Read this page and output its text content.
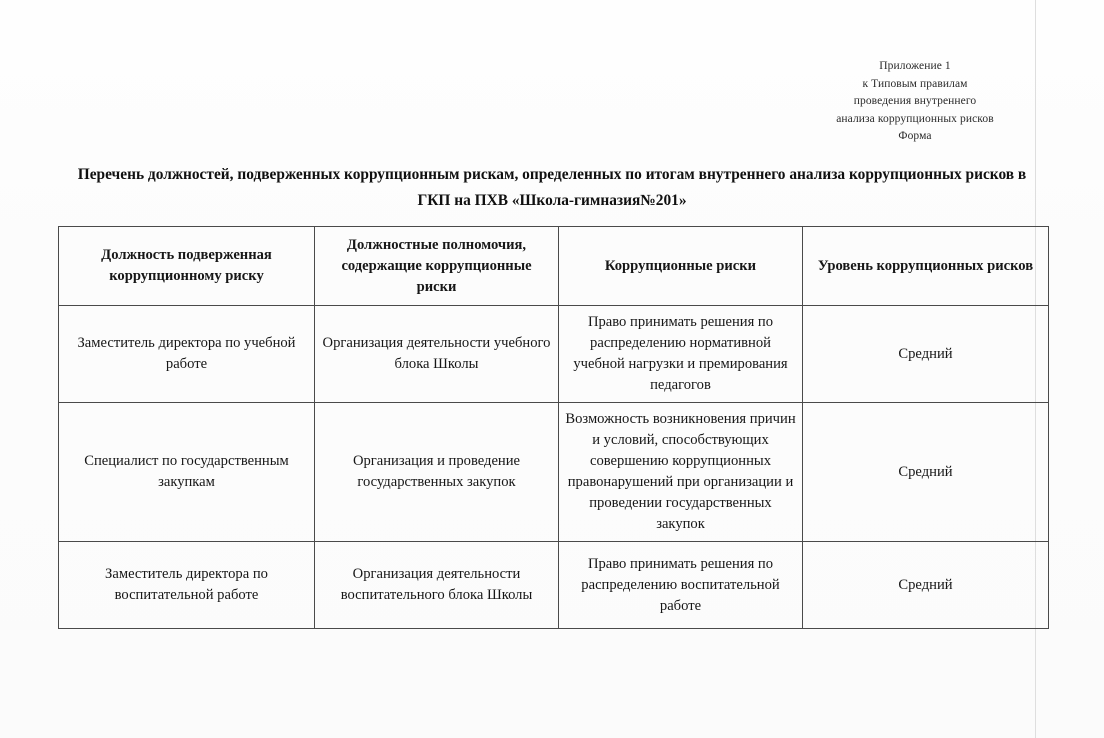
Приложение 1
к Типовым правилам
проведения внутреннего
анализа коррупционных рисков
Форма
Перечень должностей, подверженных коррупционным рискам, определенных по итогам внутреннего анализа коррупционных рисков в ГКП на ПХВ «Школа-гимназия№201»
Должность подверженная коррупционному риску	Должностные полномочия, содержащие коррупционные риски	Коррупционные риски	Уровень коррупционных рисков

Заместитель директора по учебной работе	Организация деятельности учебного блока Школы	Право принимать решения по распределению нормативной учебной нагрузки и премирования педагогов	Средний
Специалист по государственным закупкам	Организация и проведение государственных закупок	Возможность возникновения причин и условий, способствующих совершению коррупционных правонарушений при организации и проведении государственных закупок	Средний
Заместитель директора по воспитательной работе	Организация деятельности воспитательного блока Школы	Право принимать решения по распределению воспитательной работе	Средний
